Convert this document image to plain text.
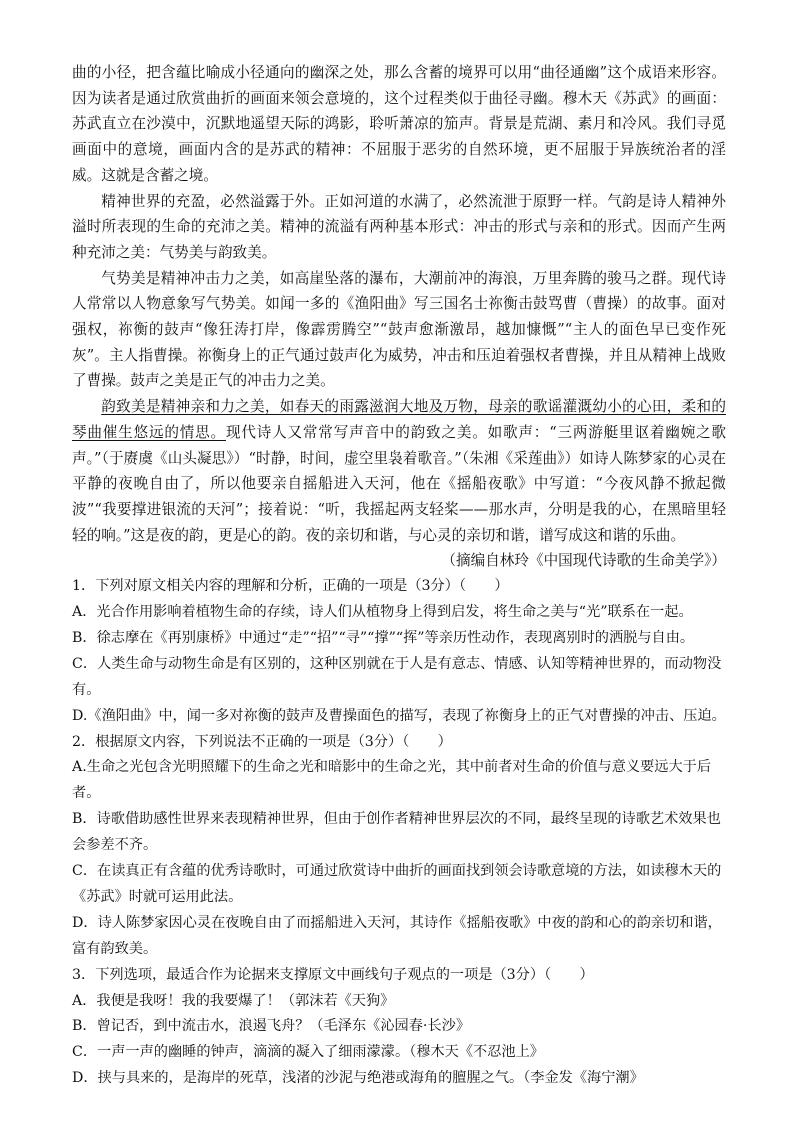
曲的小径，把含蕴比喻成小径通向的幽深之处，那么含蓄的境界可以用“曲径通幽”这个成语来形容。因为读者是通过欣赏曲折的画面来领会意境的，这个过程类似于曲径寻幽。穆木天《苏武》的画面：苏武直立在沙漠中，沉默地遥望天际的鸿影，聆听萧凉的笳声。背景是荒湖、素月和冷风。我们寻觅画面中的意境，画面内含的是苏武的精神：不屈服于恶劣的自然环境，更不屈服于异族统治者的淫威。这就是含蓄之境。

精神世界的充盈，必然溢露于外。正如河道的水满了，必然流泄于原野一样。气韵是诗人精神外溢时所表现的生命的充沛之美。精神的流溢有两种基本形式：冲击的形式与亲和的形式。因而产生两种充沛之美：气势美与韵致美。

气势美是精神冲击力之美，如高崖坠落的瀑布，大潮前冲的海浪，万里奔腾的骏马之群。现代诗人常常以人物意象写气势美。如闻一多的《渔阳曲》写三国名士祢衡击鼓骂曹（曹操）的故事。面对强权，祢衡的鼓声“像狂涛打岸，像霹雳腾空”“鼓声愈渐激昂，越加慷慨”“主人的面色早已变作死灰”。主人指曹操。祢衡身上的正气通过鼓声化为威势，冲击和压迫着强权者曹操，并且从精神上战败了曹操。鼓声之美是正气的冲击力之美。

韵致美是精神亲和力之美，如春天的雨露滋润大地及万物，母亲的歌谣灌溉幼小的心田，柔和的琴曲催生悠远的情思。现代诗人又常常写声音中的韵致之美。如歌声：“三两游艇里讴着幽婉之歌声。”（于赓虞《山头凝思》）“时静，时间，虚空里袅着歌音。”（朱湘《采莲曲》）如诗人陈梦家的心灵在平静的夜晚自由了，所以他要亲自摇船进入天河，他在《摇船夜歌》中写道：“今夜风静不掀起微波”“我要撑进银流的天河”；接着说：“听，我摇起两支轻桨——那水声，分明是我的心，在黑暗里轻轻的响。”这是夜的韵，更是心的韵。夜的亲切和谐，与心灵的亲切和谐，谱写成这和谐的乐曲。

（摘编自林玲《中国现代诗歌的生命美学》）

1．下列对原文相关内容的理解和分析，正确的一项是（3分）（　　）

A．光合作用影响着植物生命的存续，诗人们从植物身上得到启发，将生命之美与“光”联系在一起。

B．徐志摩在《再别康桥》中通过“走”“招”“寻”“撑”“挥”等亲历性动作，表现离别时的洒脱与自由。

C．人类生命与动物生命是有区别的，这种区别就在于人是有意志、情感、认知等精神世界的，而动物没有。

D.《渔阳曲》中，闻一多对祢衡的鼓声及曹操面色的描写，表现了祢衡身上的正气对曹操的冲击、压迫。

2．根据原文内容，下列说法不正确的一项是（3分）（　　）

A.生命之光包含光明照耀下的生命之光和暗影中的生命之光，其中前者对生命的价值与意义要远大于后者。

B．诗歌借助感性世界来表现精神世界，但由于创作者精神世界层次的不同，最终呈现的诗歌艺术效果也会参差不齐。

C．在读真正有含蕴的优秀诗歌时，可通过欣赏诗中曲折的画面找到领会诗歌意境的方法，如读穆木天的《苏武》时就可运用此法。

D．诗人陈梦家因心灵在夜晚自由了而摇船进入天河，其诗作《摇船夜歌》中夜的韵和心的韵亲切和谐，富有韵致美。

3．下列选项，最适合作为论据来支撑原文中画线句子观点的一项是（3分）（　　）

A．我便是我呀！我的我要爆了！（郭沫若《天狗》

B．曾记否，到中流击水，浪遏飞舟？（毛泽东《沁园春·长沙》

C．一声一声的幽睡的钟声，滴滴的凝入了细雨濛濛。（穆木天《不忍池上》

D．挟与具来的，是海岸的死草，浅渚的沙泥与绝港或海角的膻腥之气。（李金发《海宁潮》
